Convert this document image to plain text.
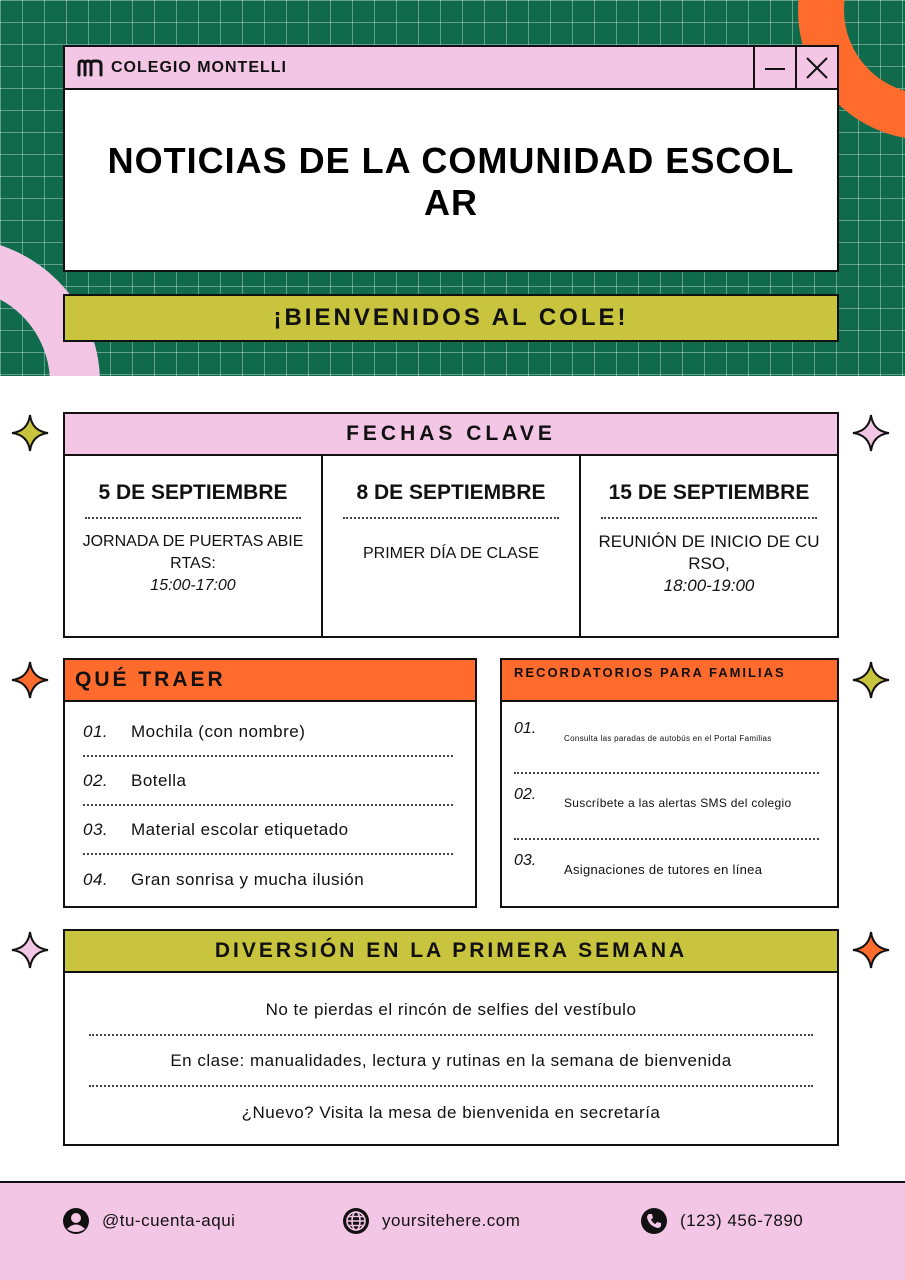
COLEGIO MONTELLI
NOTICIAS DE LA COMUNIDAD ESCOLAR
¡BIENVENIDOS AL COLE!
FECHAS CLAVE
5 DE SEPTIEMBRE
JORNADA DE PUERTAS ABIERTAS:
15:00-17:00
8 DE SEPTIEMBRE
PRIMER DÍA DE CLASE
15 DE SEPTIEMBRE
REUNIÓN DE INICIO DE CURSO,
18:00-19:00
QUÉ TRAER
01.	Mochila (con nombre)
02.	Botella
03.	Material escolar etiquetado
04.	Gran sonrisa y mucha ilusión
RECORDATORIOS PARA FAMILIAS
01.
Consulta las paradas de autobús en el Portal Familias
02.	Suscríbete a las alertas SMS del colegio
03.
Asignaciones de tutores en línea
DIVERSIÓN EN LA PRIMERA SEMANA
No te pierdas el rincón de selfies del vestíbulo
En clase: manualidades, lectura y rutinas en la semana de bienvenida
¿Nuevo? Visita la mesa de bienvenida en secretaría
@tu-cuenta-aqui	yoursitehere.com	(123) 456-7890
